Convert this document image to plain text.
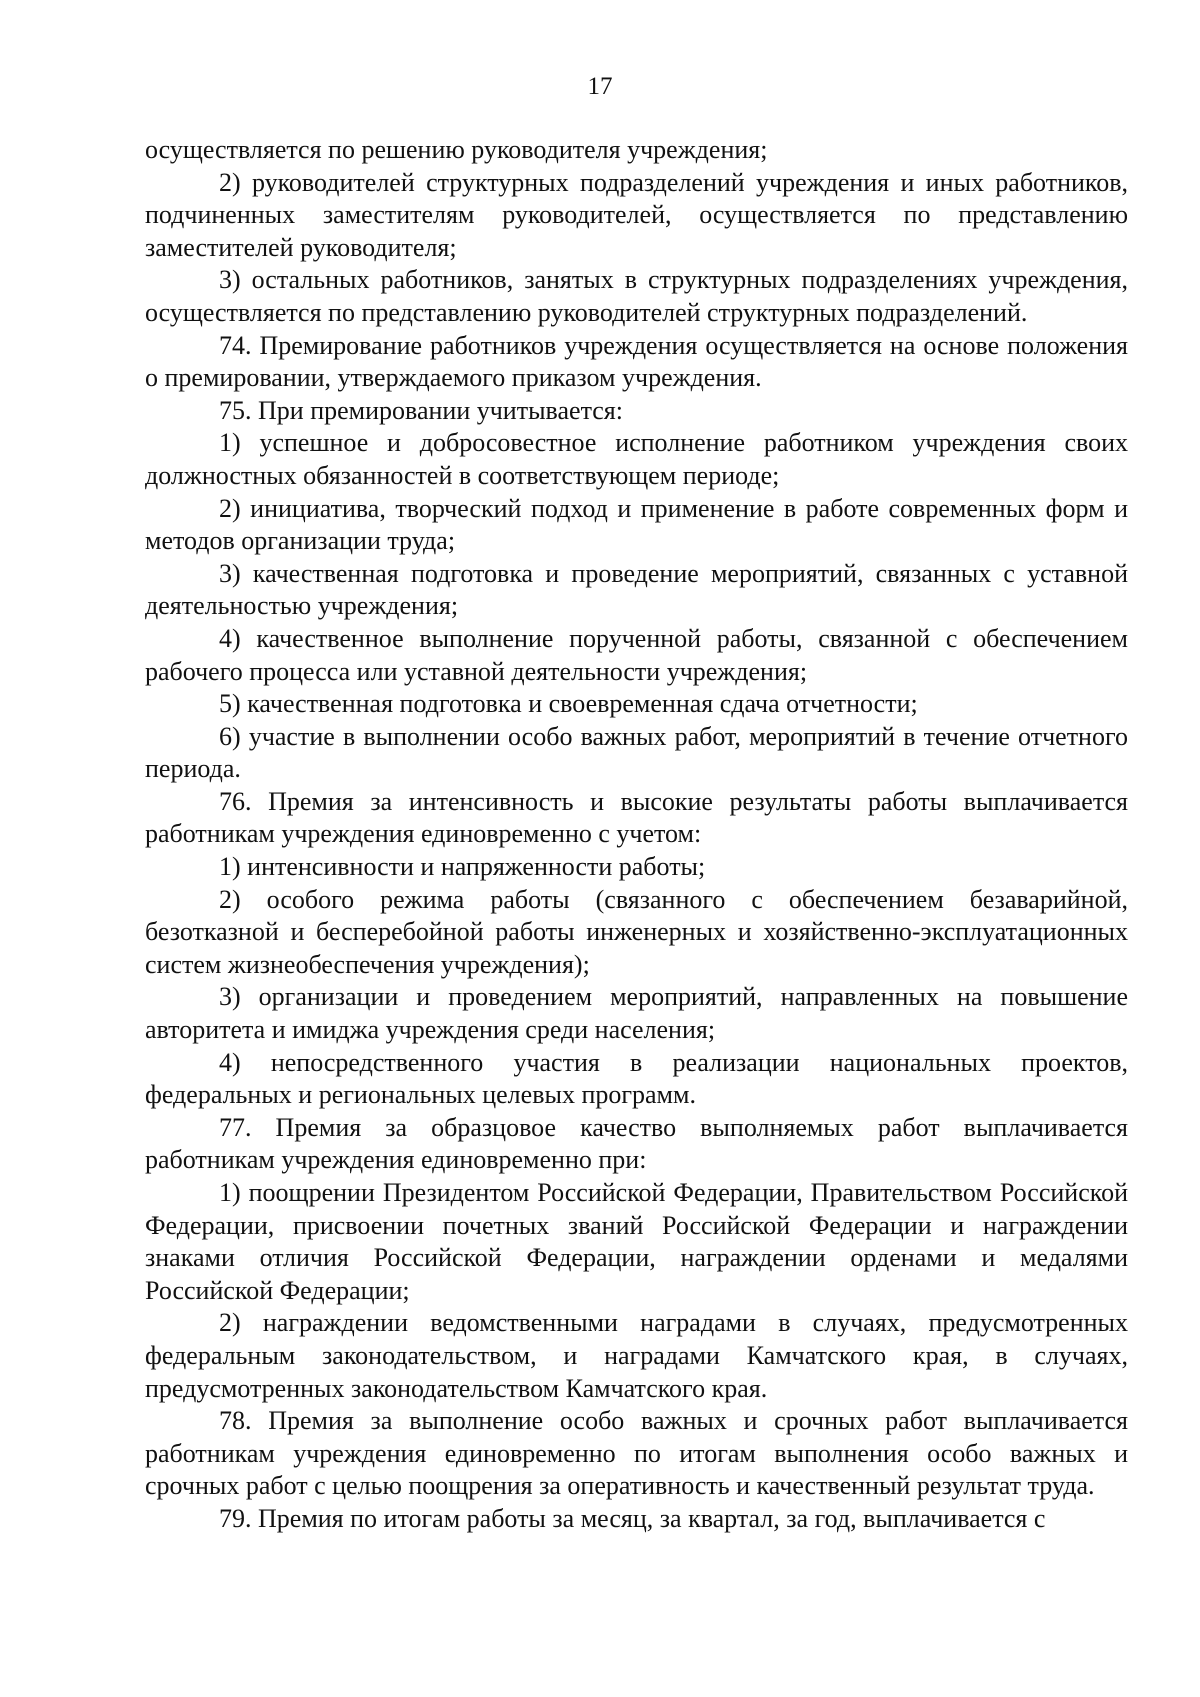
17

осуществляется по решению руководителя учреждения;

2) руководителей структурных подразделений учреждения и иных работников, подчиненных заместителям руководителей, осуществляется по представлению заместителей руководителя;

3) остальных работников, занятых в структурных подразделениях учреждения, осуществляется по представлению руководителей структурных подразделений.

74. Премирование работников учреждения осуществляется на основе положения о премировании, утверждаемого приказом учреждения.

75. При премировании учитывается:

1) успешное и добросовестное исполнение работником учреждения своих должностных обязанностей в соответствующем периоде;

2) инициатива, творческий подход и применение в работе современных форм и методов организации труда;

3) качественная подготовка и проведение мероприятий, связанных с уставной деятельностью учреждения;

4) качественное выполнение порученной работы, связанной с обеспечением рабочего процесса или уставной деятельности учреждения;

5) качественная подготовка и своевременная сдача отчетности;

6) участие в выполнении особо важных работ, мероприятий в течение отчетного периода.

76. Премия за интенсивность и высокие результаты работы выплачивается работникам учреждения единовременно с учетом:

1) интенсивности и напряженности работы;

2) особого режима работы (связанного с обеспечением безаварийной, безотказной и бесперебойной работы инженерных и хозяйственно-эксплуатационных систем жизнеобеспечения учреждения);

3) организации и проведением мероприятий, направленных на повышение авторитета и имиджа учреждения среди населения;

4) непосредственного участия в реализации национальных проектов, федеральных и региональных целевых программ.

77. Премия за образцовое качество выполняемых работ выплачивается работникам учреждения единовременно при:

1) поощрении Президентом Российской Федерации, Правительством Российской Федерации, присвоении почетных званий Российской Федерации и награждении знаками отличия Российской Федерации, награждении орденами и медалями Российской Федерации;

2) награждении ведомственными наградами в случаях, предусмотренных федеральным законодательством, и наградами Камчатского края, в случаях, предусмотренных законодательством Камчатского края.

78. Премия за выполнение особо важных и срочных работ выплачивается работникам учреждения единовременно по итогам выполнения особо важных и срочных работ с целью поощрения за оперативность и качественный результат труда.

79. Премия по итогам работы за месяц, за квартал, за год, выплачивается с
